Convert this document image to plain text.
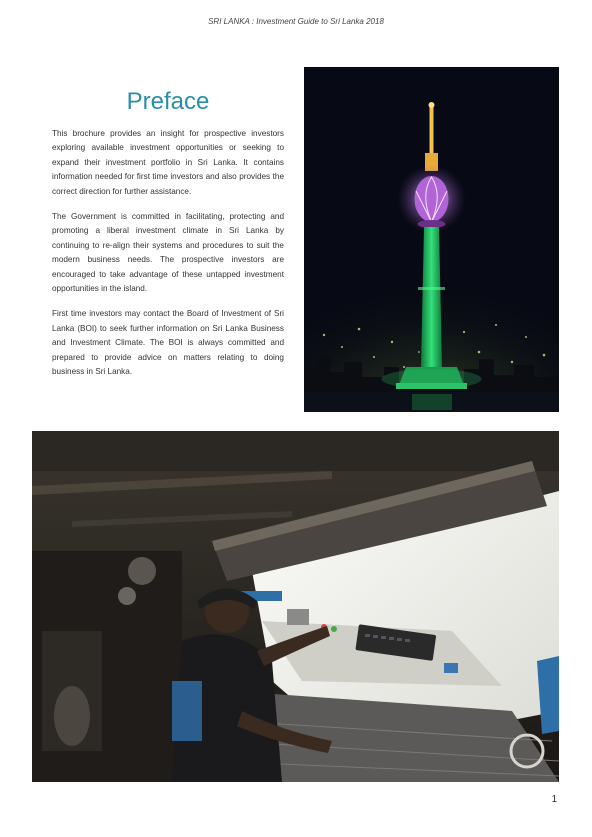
SRI LANKA : Investment Guide to Sri Lanka 2018
Preface

This brochure provides an insight for prospective investors exploring available investment opportunities or seeking to expand their investment portfolio in Sri Lanka. It contains information needed for first time investors and also provides the correct direction for further assistance.

The Government is committed in facilitating, protecting and promoting a liberal investment climate in Sri Lanka by continuing to re-align their systems and procedures to suit the modern business needs. The prospective investors are encouraged to take advantage of these untapped investment opportunities in the island.

First time investors may contact the Board of Investment of Sri Lanka (BOI) to seek further information on Sri Lanka Business and Investment Climate. The BOI is always committed and prepared to provide advice on matters relating to doing business in Sri Lanka.

1
